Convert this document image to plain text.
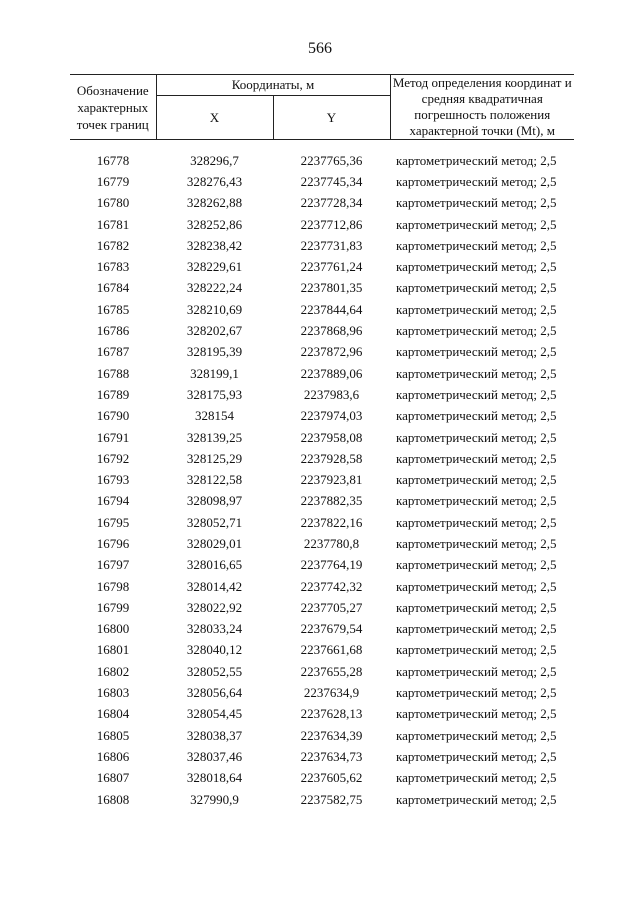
566
Обозначение характерных точек границ	Координаты, м		Метод определения координат и средняя квадратичная погрешность положения характерной точки (Mt), м
	X	Y	

16778	328296,7	2237765,36	картометрический метод; 2,5
16779	328276,43	2237745,34	картометрический метод; 2,5
16780	328262,88	2237728,34	картометрический метод; 2,5
16781	328252,86	2237712,86	картометрический метод; 2,5
16782	328238,42	2237731,83	картометрический метод; 2,5
16783	328229,61	2237761,24	картометрический метод; 2,5
16784	328222,24	2237801,35	картометрический метод; 2,5
16785	328210,69	2237844,64	картометрический метод; 2,5
16786	328202,67	2237868,96	картометрический метод; 2,5
16787	328195,39	2237872,96	картометрический метод; 2,5
16788	328199,1	2237889,06	картометрический метод; 2,5
16789	328175,93	2237983,6	картометрический метод; 2,5
16790	328154	2237974,03	картометрический метод; 2,5
16791	328139,25	2237958,08	картометрический метод; 2,5
16792	328125,29	2237928,58	картометрический метод; 2,5
16793	328122,58	2237923,81	картометрический метод; 2,5
16794	328098,97	2237882,35	картометрический метод; 2,5
16795	328052,71	2237822,16	картометрический метод; 2,5
16796	328029,01	2237780,8	картометрический метод; 2,5
16797	328016,65	2237764,19	картометрический метод; 2,5
16798	328014,42	2237742,32	картометрический метод; 2,5
16799	328022,92	2237705,27	картометрический метод; 2,5
16800	328033,24	2237679,54	картометрический метод; 2,5
16801	328040,12	2237661,68	картометрический метод; 2,5
16802	328052,55	2237655,28	картометрический метод; 2,5
16803	328056,64	2237634,9	картометрический метод; 2,5
16804	328054,45	2237628,13	картометрический метод; 2,5
16805	328038,37	2237634,39	картометрический метод; 2,5
16806	328037,46	2237634,73	картометрический метод; 2,5
16807	328018,64	2237605,62	картометрический метод; 2,5
16808	327990,9	2237582,75	картометрический метод; 2,5
